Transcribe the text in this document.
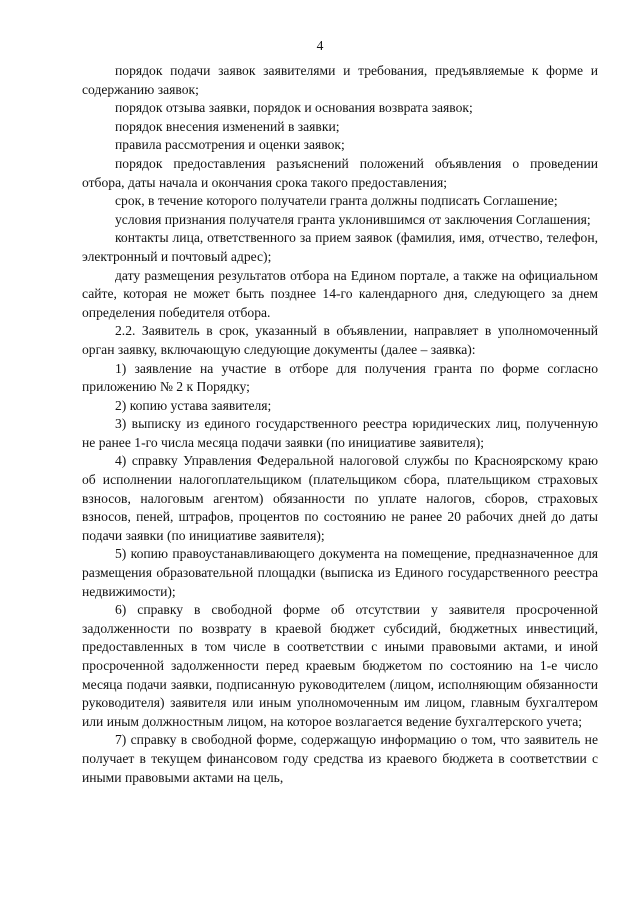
4

порядок подачи заявок заявителями и требования, предъявляемые к форме и содержанию заявок;

порядок отзыва заявки, порядок и основания возврата заявок;

порядок внесения изменений в заявки;

правила рассмотрения и оценки заявок;

порядок предоставления разъяснений положений объявления о проведении отбора, даты начала и окончания срока такого предоставления;

срок, в течение которого получатели гранта должны подписать Соглашение;

условия признания получателя гранта уклонившимся от заключения Соглашения;

контакты лица, ответственного за прием заявок (фамилия, имя, отчество, телефон, электронный и почтовый адрес);

дату размещения результатов отбора на Едином портале, а также на официальном сайте, которая не может быть позднее 14-го календарного дня, следующего за днем определения победителя отбора.

2.2. Заявитель в срок, указанный в объявлении, направляет в уполномоченный орган заявку, включающую следующие документы (далее – заявка):

1) заявление на участие в отборе для получения гранта по форме согласно приложению № 2 к Порядку;

2) копию устава заявителя;

3) выписку из единого государственного реестра юридических лиц, полученную не ранее 1-го числа месяца подачи заявки (по инициативе заявителя);

4) справку Управления Федеральной налоговой службы по Красноярскому краю об исполнении налогоплательщиком (плательщиком сбора, плательщиком страховых взносов, налоговым агентом) обязанности по уплате налогов, сборов, страховых взносов, пеней, штрафов, процентов по состоянию не ранее 20 рабочих дней до даты подачи заявки (по инициативе заявителя);

5) копию правоустанавливающего документа на помещение, предназначенное для размещения образовательной площадки (выписка из Единого государственного реестра недвижимости);

6) справку в свободной форме об отсутствии у заявителя просроченной задолженности по возврату в краевой бюджет субсидий, бюджетных инвестиций, предоставленных в том числе в соответствии с иными правовыми актами, и иной просроченной задолженности перед краевым бюджетом по состоянию на 1-е число месяца подачи заявки, подписанную руководителем (лицом, исполняющим обязанности руководителя) заявителя или иным уполномоченным им лицом, главным бухгалтером или иным должностным лицом, на которое возлагается ведение бухгалтерского учета;

7) справку в свободной форме, содержащую информацию о том, что заявитель не получает в текущем финансовом году средства из краевого бюджета в соответствии с иными правовыми актами на цель,
